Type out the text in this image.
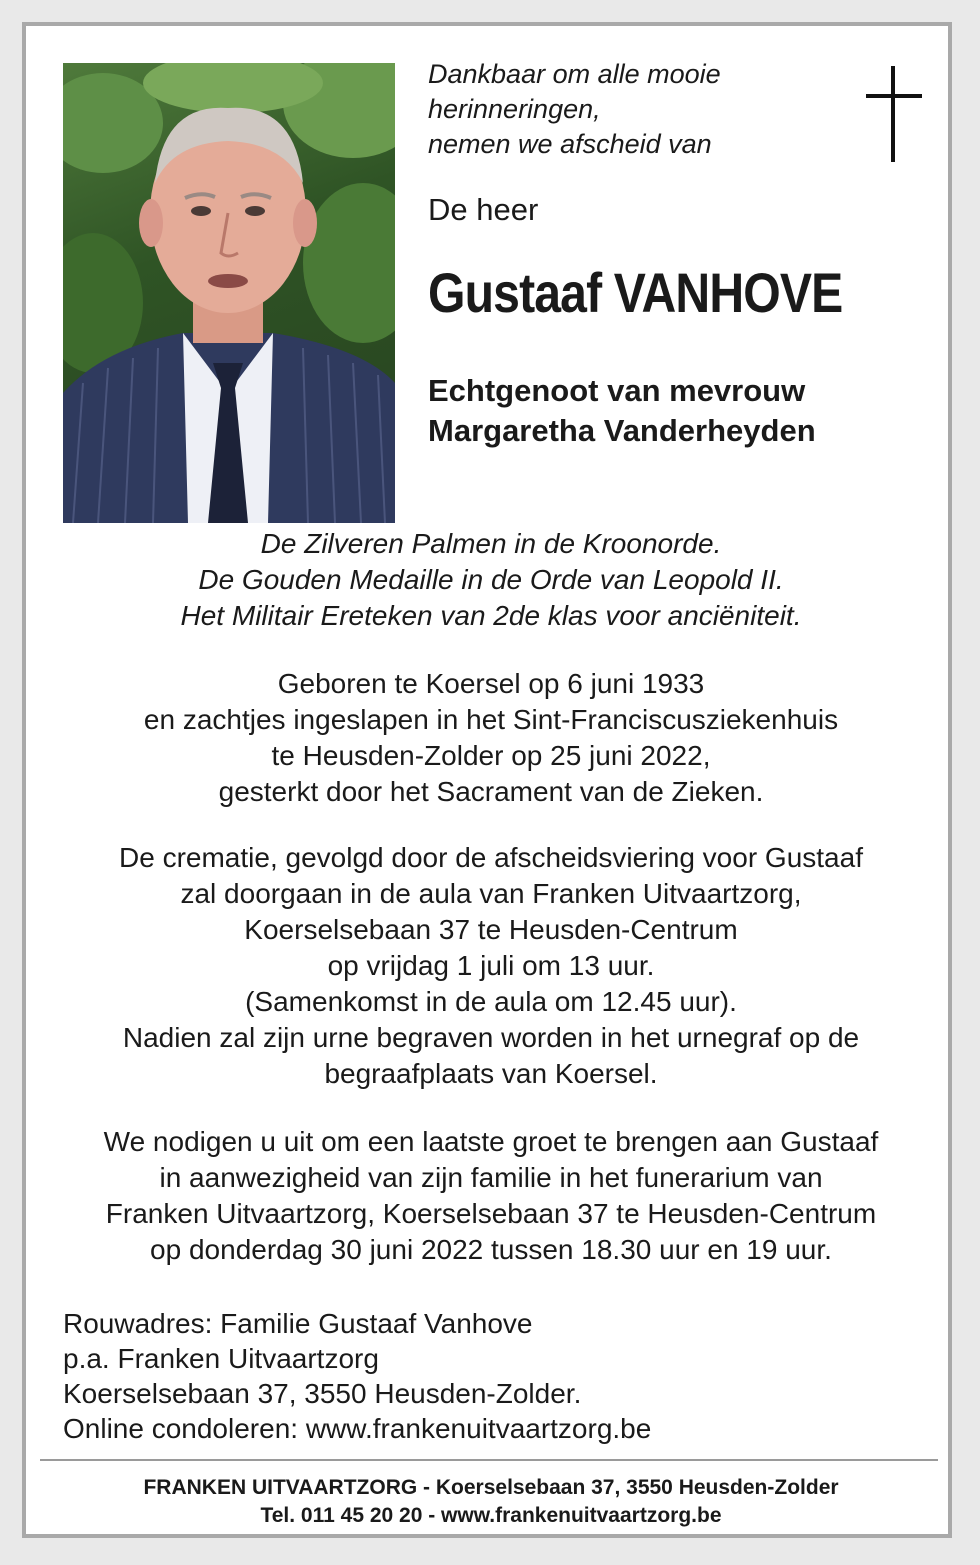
Dankbaar om alle mooie
herinneringen,
nemen we afscheid van
De heer
Gustaaf VANHOVE
Echtgenoot van mevrouw
Margaretha Vanderheyden
De Zilveren Palmen in de Kroonorde.
De Gouden Medaille in de Orde van Leopold II.
Het Militair Ereteken van 2de klas voor anciëniteit.
Geboren te Koersel op 6 juni 1933
en zachtjes ingeslapen in het Sint-Franciscusziekenhuis
te Heusden-Zolder op 25 juni 2022,
gesterkt door het Sacrament van de Zieken.
De crematie, gevolgd door de afscheidsviering voor Gustaaf
zal doorgaan in de aula van Franken Uitvaartzorg,
Koerselsebaan 37 te Heusden-Centrum
op vrijdag 1 juli om 13 uur.
(Samenkomst in de aula om 12.45 uur).
Nadien zal zijn urne begraven worden in het urnegraf op de
begraafplaats van Koersel.
We nodigen u uit om een laatste groet te brengen aan Gustaaf
in aanwezigheid van zijn familie in het funerarium van
Franken Uitvaartzorg, Koerselsebaan 37 te Heusden-Centrum
op donderdag 30 juni 2022 tussen 18.30 uur en 19 uur.
Rouwadres: Familie Gustaaf Vanhove
p.a. Franken Uitvaartzorg
Koerselsebaan 37, 3550 Heusden-Zolder.
Online condoleren: www.frankenuitvaartzorg.be
FRANKEN UITVAARTZORG - Koerselsebaan 37, 3550 Heusden-Zolder
Tel. 011 45 20 20 - www.frankenuitvaartzorg.be
